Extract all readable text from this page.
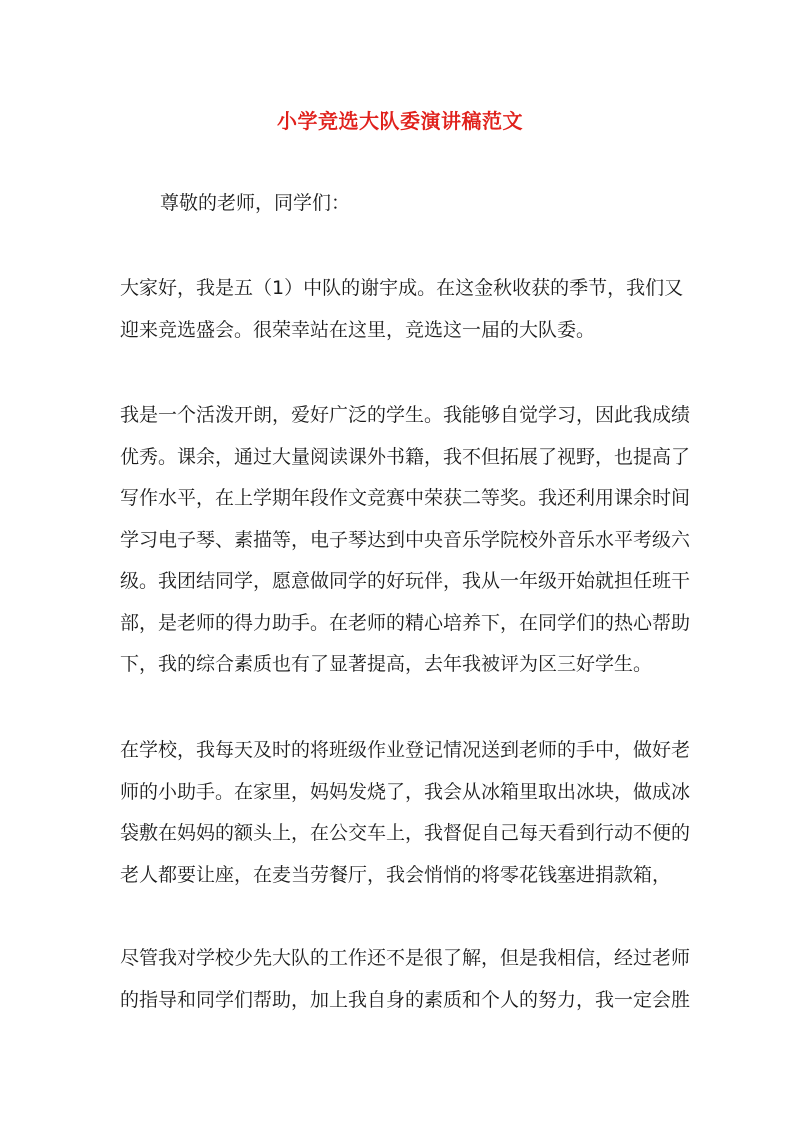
小学竞选大队委演讲稿范文
尊敬的老师，同学们：
大家好，我是五（1）中队的谢宇成。在这金秋收获的季节，我们又
迎来竞选盛会。很荣幸站在这里，竞选这一届的大队委。
我是一个活泼开朗，爱好广泛的学生。我能够自觉学习，因此我成绩
优秀。课余，通过大量阅读课外书籍，我不但拓展了视野，也提高了
写作水平，在上学期年段作文竞赛中荣获二等奖。我还利用课余时间
学习电子琴、素描等，电子琴达到中央音乐学院校外音乐水平考级六
级。我团结同学，愿意做同学的好玩伴，我从一年级开始就担任班干
部，是老师的得力助手。在老师的精心培养下，在同学们的热心帮助
下，我的综合素质也有了显著提高，去年我被评为区三好学生。
在学校，我每天及时的将班级作业登记情况送到老师的手中，做好老
师的小助手。在家里，妈妈发烧了，我会从冰箱里取出冰块，做成冰
袋敷在妈妈的额头上，在公交车上，我督促自己每天看到行动不便的
老人都要让座，在麦当劳餐厅，我会悄悄的将零花钱塞进捐款箱，
尽管我对学校少先大队的工作还不是很了解，但是我相信，经过老师
的指导和同学们帮助，加上我自身的素质和个人的努力，我一定会胜
